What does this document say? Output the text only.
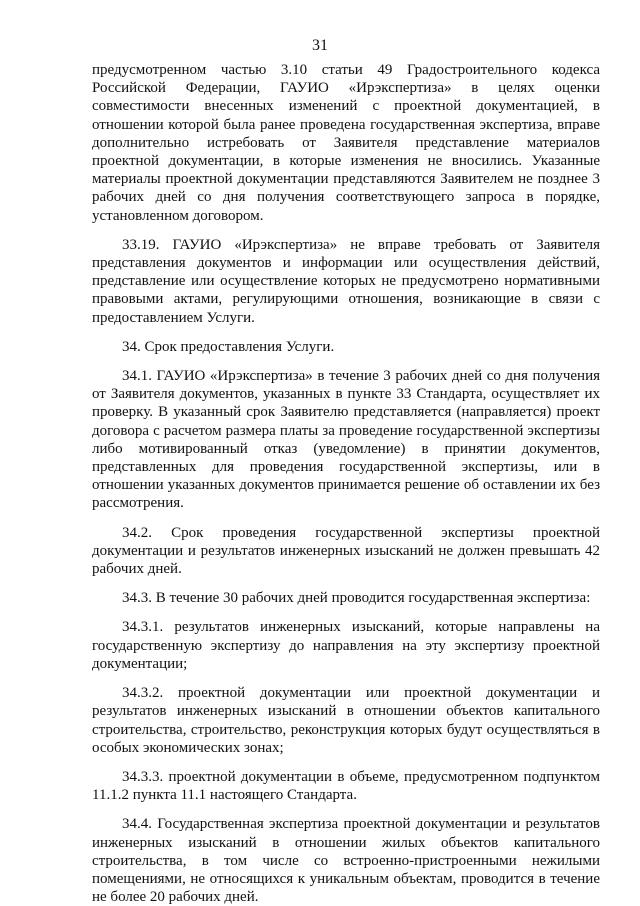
31

предусмотренном частью 3.10 статьи 49 Градостроительного кодекса Российской Федерации, ГАУИО «Ирэкспертиза» в целях оценки совместимости внесенных изменений с проектной документацией, в отношении которой была ранее проведена государственная экспертиза, вправе дополнительно истребовать от Заявителя представление материалов проектной документации, в которые изменения не вносились. Указанные материалы проектной документации представляются Заявителем не позднее 3 рабочих дней со дня получения соответствующего запроса в порядке, установленном договором.

33.19. ГАУИО «Ирэкспертиза» не вправе требовать от Заявителя представления документов и информации или осуществления действий, представление или осуществление которых не предусмотрено нормативными правовыми актами, регулирующими отношения, возникающие в связи с предоставлением Услуги.

34. Срок предоставления Услуги.

34.1. ГАУИО «Ирэкспертиза» в течение 3 рабочих дней со дня получения от Заявителя документов, указанных в пункте 33 Стандарта, осуществляет их проверку. В указанный срок Заявителю представляется (направляется) проект договора с расчетом размера платы за проведение государственной экспертизы либо мотивированный отказ (уведомление) в принятии документов, представленных для проведения государственной экспертизы, или в отношении указанных документов принимается решение об оставлении их без рассмотрения.

34.2. Срок проведения государственной экспертизы проектной документации и результатов инженерных изысканий не должен превышать 42 рабочих дней.

34.3. В течение 30 рабочих дней проводится государственная экспертиза:

34.3.1. результатов инженерных изысканий, которые направлены на государственную экспертизу до направления на эту экспертизу проектной документации;

34.3.2. проектной документации или проектной документации и результатов инженерных изысканий в отношении объектов капитального строительства, строительство, реконструкция которых будут осуществляться в особых экономических зонах;

34.3.3. проектной документации в объеме, предусмотренном подпунктом 11.1.2 пункта 11.1 настоящего Стандарта.

34.4. Государственная экспертиза проектной документации и результатов инженерных изысканий в отношении жилых объектов капитального строительства, в том числе со встроенно-пристроенными нежилыми помещениями, не относящихся к уникальным объектам, проводится в течение не более 20 рабочих дней.
